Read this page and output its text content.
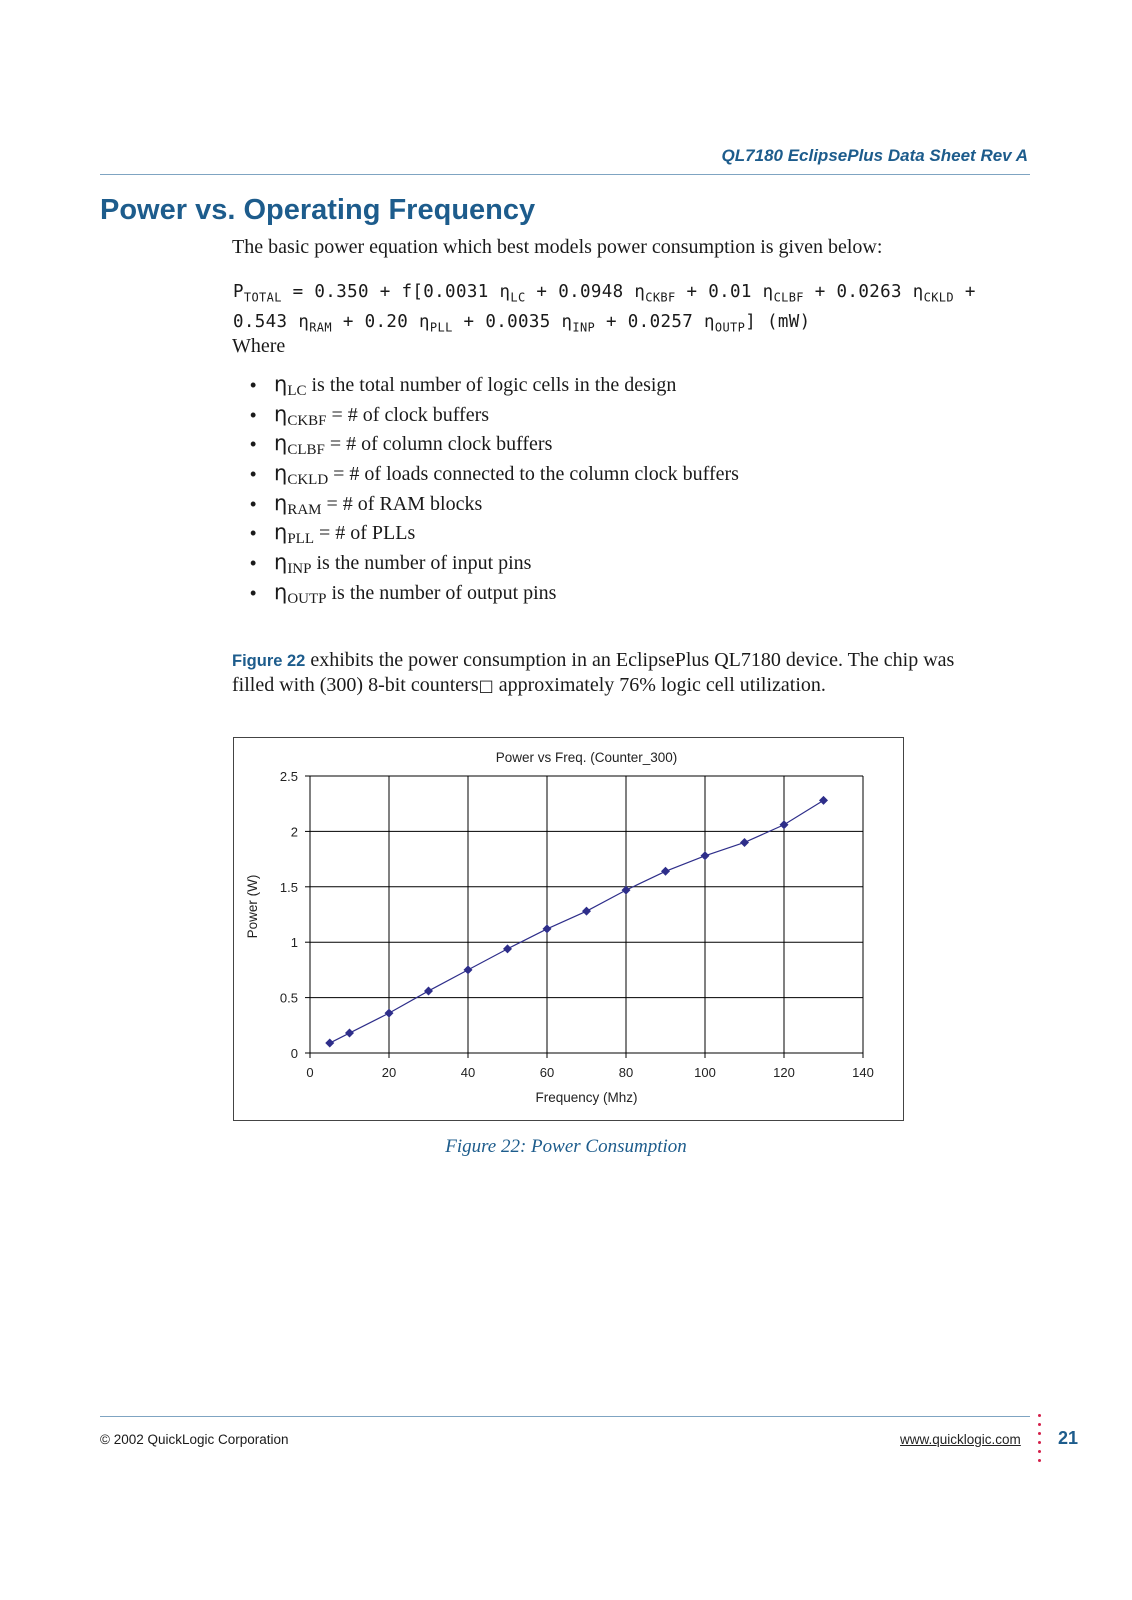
QL7180 EclipsePlus Data Sheet Rev A
Power vs. Operating Frequency
The basic power equation which best models power consumption is given below:
$P_{TOTAL} = 0.350 + f[0.0031$ $\eta_{LC} + 0.0948$ $\eta_{CKBF} + 0.01$ $\eta_{CLBF} + 0.0263$ $\eta_{CKLD}$ +
0.543 $\eta_{RAM} + 0.20$ $\eta_{PLL} + 0.0035$ $\eta_{INP} + 0.0257$ $\eta_{OUTP}$] (mW)
Where
• $\eta_{LC}$ is the total number of logic cells in the design
• $\eta_{CKBF}$ = # of clock buffers
• $\eta_{CLBF}$ = # of column clock buffers
• $\eta_{CKLD}$ = # of loads connected to the column clock buffers
• $\eta_{RAM}$ = # of RAM blocks
• $\eta_{PLL}$ = # of PLLs
• $\eta_{INP}$ is the number of input pins
• $\eta_{OUTP}$ is the number of output pins
Figure 22 exhibits the power consumption in an EclipsePlus QL7180 device. The chip was
filled with (300) 8-bit counters□ approximately 76% logic cell utilization.
Power vs Freq. (Counter_300)
0
0.5
1
1.5
2
2.5
0	20	40	60	80	100	120	140
Frequency (Mhz)
Power (W)
Figure 22: Power Consumption
© 2002 QuickLogic Corporation	www.quicklogic.com 21
